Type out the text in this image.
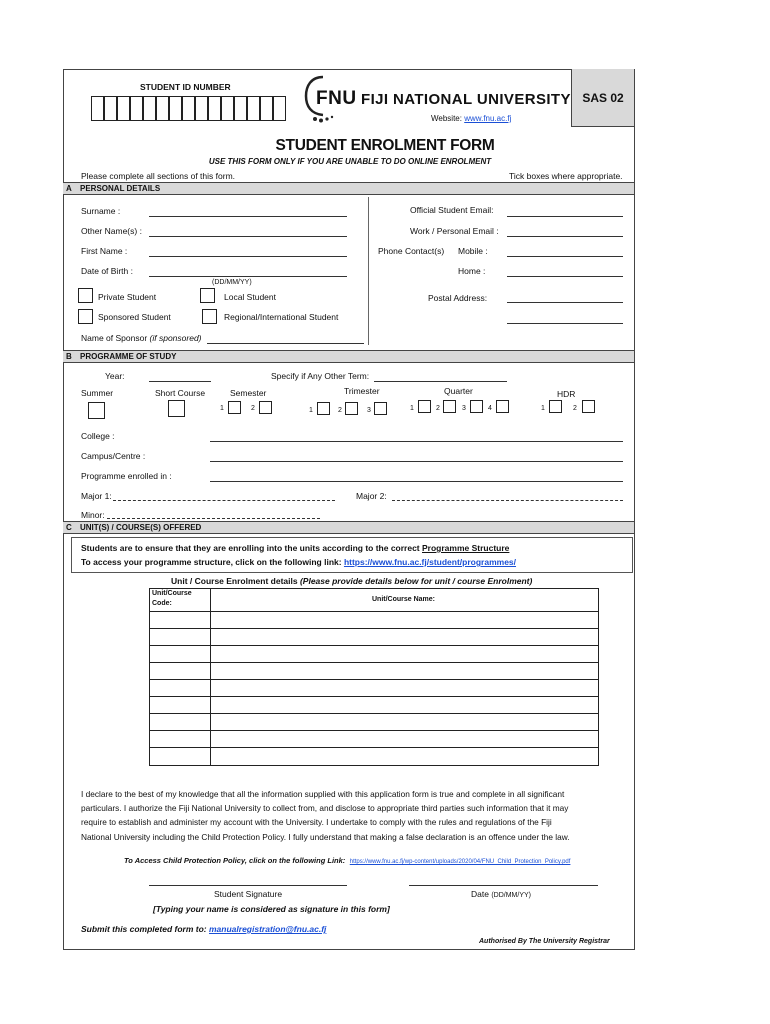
SAS 02
STUDENT ID NUMBER
FNU FIJI NATIONAL UNIVERSITY
Website: www.fnu.ac.fj
STUDENT ENROLMENT FORM
USE THIS FORM ONLY IF YOU ARE UNABLE TO DO ONLINE ENROLMENT
Please complete all sections of this form.	Tick boxes where appropriate.
A PERSONAL DETAILS
Surname :
Other Name(s) :
First Name :
Date of Birth :
(DD/MM/YY)
Private Student	Local Student
Sponsored Student	Regional/International Student
Name of Sponsor (if sponsored)
Official Student Email:
Work / Personal Email :
Phone Contact(s) Mobile :
Home :
Postal Address:
B PROGRAMME OF STUDY
Year:	Specify if Any Other Term:
Summer	Short Course	Semester
1	2
Trimester
1	2	3
Quarter
1	2	3	4
HDR
1	2
College :
Campus/Centre :
Programme enrolled in :
Major 1:	Major 2:
Minor:
C UNIT(S) / COURSE(S) OFFERED
Students are to ensure that they are enrolling into the units according to the correct Programme Structure
To access your programme structure, click on the following link: https://www.fnu.ac.fj/student/programmes/
Unit / Course Enrolment details (Please provide details below for unit / course Enrolment)
Unit/Course
Code:
Unit/Course Name:
I declare to the best of my knowledge that all the information supplied with this application form is true and complete in all significant
particulars. I authorize the Fiji National University to collect from, and disclose to appropriate third parties such information that it may
require to establish and administer my account with the University. I undertake to comply with the rules and regulations of the Fiji
National University including the Child Protection Policy. I fully understand that making a false declaration is an offence under the law.
To Access Child Protection Policy, click on the following Link: https://www.fnu.ac.fj/wp-content/uploads/2020/04/FNU_Child_Protection_Policy.pdf
Student Signature	Date (DD/MM/YY)
[Typing your name is considered as signature in this form]
Submit this completed form to: manualregistration@fnu.ac.fj
Authorised By The University Registrar
